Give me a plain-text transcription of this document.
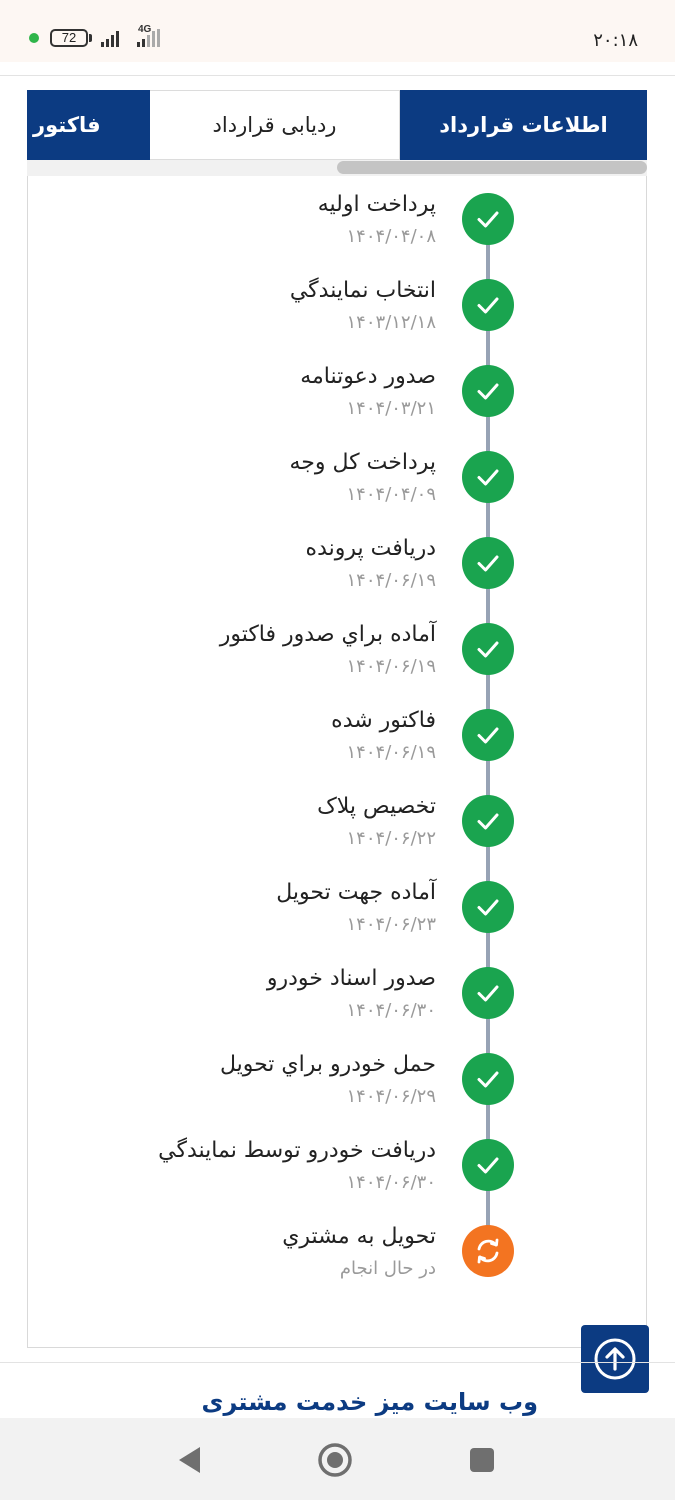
72
4G
۲۰:۱۸
اطلاعات قرارداد
ردیابی قرارداد
فاکتور
پرداخت اولیه
۱۴۰۴/۰۴/۰۸
انتخاب نمايندگي
۱۴۰۳/۱۲/۱۸
صدور دعوتنامه
۱۴۰۴/۰۳/۲۱
پرداخت کل وجه
۱۴۰۴/۰۴/۰۹
دريافت پرونده
۱۴۰۴/۰۶/۱۹
آماده براي صدور فاکتور
۱۴۰۴/۰۶/۱۹
فاکتور شده
۱۴۰۴/۰۶/۱۹
تخصيص پلاک
۱۴۰۴/۰۶/۲۲
آماده جهت تحويل
۱۴۰۴/۰۶/۲۳
صدور اسناد خودرو
۱۴۰۴/۰۶/۳۰
حمل خودرو براي تحويل
۱۴۰۴/۰۶/۲۹
دريافت خودرو توسط نمايندگي
۱۴۰۴/۰۶/۳۰
تحويل به مشتري
در حال انجام
وب سایت میز خدمت مشتری
